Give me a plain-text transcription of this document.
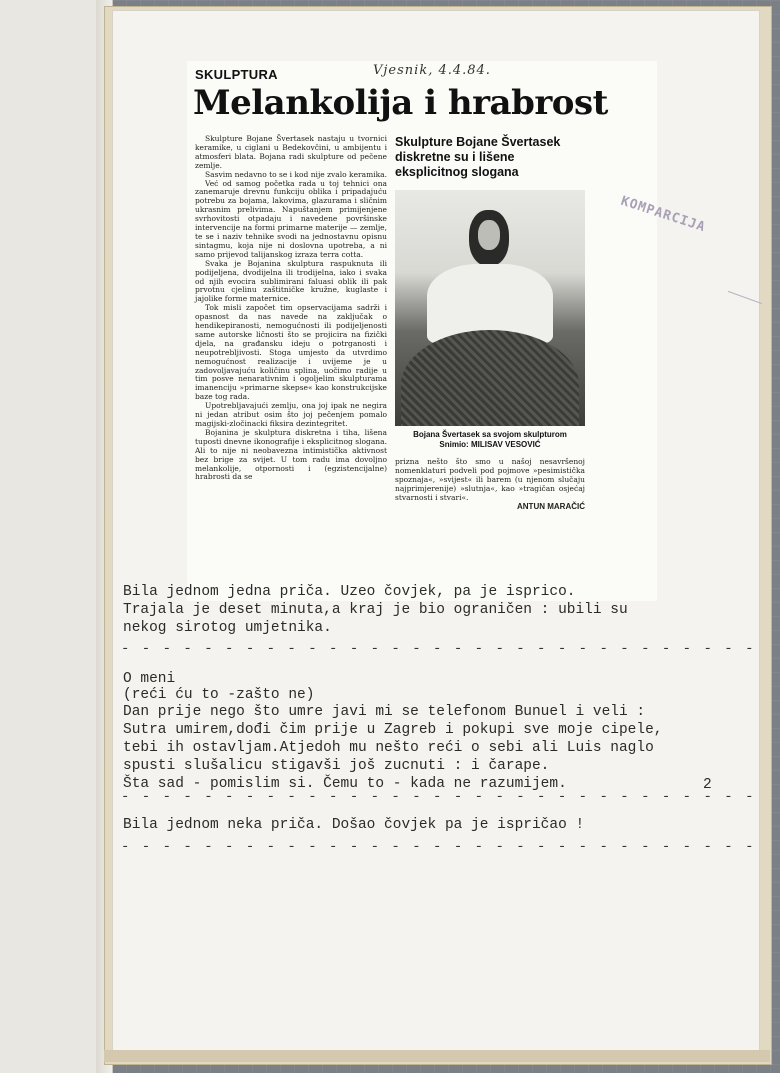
SKULPTURA	Vjesnik, 4.4.84.
Melankolija i hrabrost

Skulpture Bojane Švertasek nastaju u tvornici keramike, u ciglani u Bedekovčini, u ambijentu i atmosferi blata. Bojana radi skulpture od pečene zemlje.

Sasvim nedavno to se i kod nije zvalo keramika.

Već od samog početka rada u toj tehnici ona zanemaruje drevnu funkciju oblika i pripadajuću potrebu za bojama, lakovima, glazurama i sličnim ukrasnim prelivima. Napuštanjem primijenjene svrhovitosti otpadaju i navedene površinske intervencije na formi primarne materije — zemlje, te se i naziv tehnike svodi na jednostavnu opisnu sintagmu, koja nije ni doslovna upotreba, a ni samo prijevod talijanskog izraza terra cotta.

Svaka je Bojanina skulptura raspuknuta ili podijeljena, dvodijelna ili trodijelna, iako i svaka od njih evocira sublimirani faluasi oblik ili pak prvotnu cjelinu zaštitničke kružne, kuglaste i jajolike forme maternice.

Tok misli započet tim opservacijama sadrži i opasnost da nas navede na zaključak o hendikepiranosti, nemogućnosti ili podijeljenosti same autorske ličnosti što se projicira na fizički djela, na građansku ideju o potrganosti i neupotrebljivosti. Stoga umjesto da utvrdimo nemogućnost realizacije i uvijeme je u zadovoljavajuću količinu splina, uočimo radije u tim posve nenarativnim i ogoljelim skulpturama imanenciju »primarne skepse« kao konstrukcijske baze tog rada.

Upotrebljavajući zemlju, ona joj ipak ne negira ni jedan atribut osim što joj pečenjem pomalo magijski-zločinacki fiksira dezintegritet.

Bojanina je skulptura diskretna i tiha, lišena tuposti dnevne ikonografije i eksplicitnog slogana. Ali to nije ni neobavezna intimistička aktivnost bez brige za svijet. U tom radu ima dovoljno melankolije, otpornosti i (egzistencijalne) hrabrosti da se

Skulpture Bojane Švertasek diskretne su i lišene eksplicitnog slogana
Bojana Švertasek sa svojom skulpturom
Snimio: MILISAV VESOVIĆ
prizna nešto što smo u našoj nesavršenoj nomenklaturi podveli pod pojmove »pesimistička spoznaja«, »svijest« ili barem (u njenom slučaju najprimjerenije) »slutnja«, kao »tragičan osjećaj stvarnosti i stvari«.
ANTUN MARAČIĆ
KOMPARCIJA
Bila jednom jedna priča. Uzeo čovjek, pa je isprico.
Trajala je deset minuta,a kraj je bio ograničen : ubili su
nekog sirotog umjetnika.
- - - - - - - - - - - - - - - - - - - - - - - - - - - - - - -
O meni
(reći ću to -zašto ne)
Dan prije nego što umre javi mi se telefonom Bunuel i veli :
Sutra umirem,dođi čim prije u Zagreb i pokupi sve moje cipele,
tebi ih ostavljam.Atjedoh mu nešto reći o sebi ali Luis naglo
spusti slušalicu stigavši još zucnuti : i čarape.
Šta sad - pomislim si. Čemu to - kada ne razumijem.
- - - - - - - - - - - - - - - - - - - - - - - - - - - - - - -
2
Bila jednom neka priča. Došao čovjek pa je ispričao !
- - - - - - - - - - - - - - - - - - - - - - - - - - - - - - -
